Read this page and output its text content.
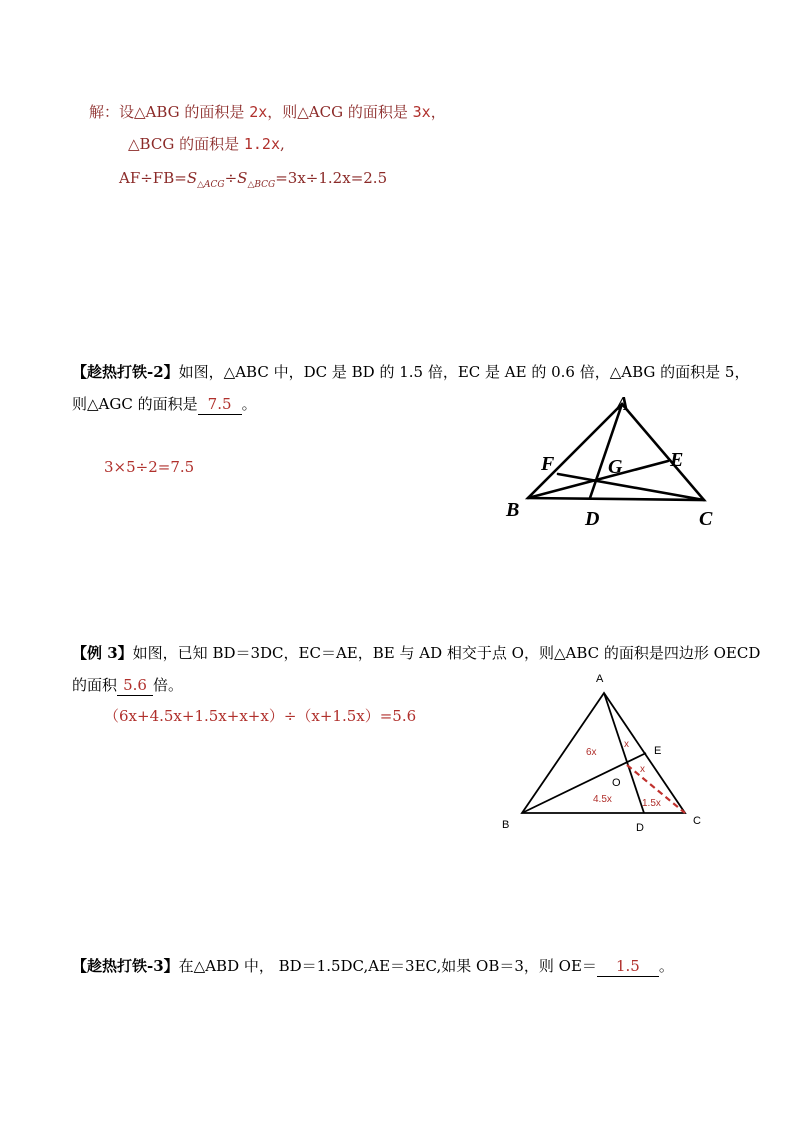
解：设△ABG 的面积是 2x，则△ACG 的面积是 3x，
△BCG 的面积是 1.2x,
$AF\div FB=S_{\triangle ACG}\div S_{\triangle BCG}=3x\div 1.2x=2.5$
【趁热打铁-2】如图，△ABC 中，DC 是 BD 的 1.5 倍，EC 是 AE 的 0.6 倍，△ABG 的面积是 5，
则△AGC 的面积是 7.5 。
3×5÷2=7.5
A
B	C
D
E
F	G
【例 3】如图，已知 BD＝3DC，EC＝AE，BE 与 AD 相交于点 O，则△ABC 的面积是四边形 OECD
的面积 5.6 倍。
（6x+4.5x+1.5x+x+x）÷（x+1.5x）=5.6
A
B	C
D
E
O
6x
4.5x	1.5x
x
x
【趁热打铁-3】在△ABD 中， BD＝1.5DC,AE＝3EC,如果 OB＝3，则 OE＝ 1.5 。
